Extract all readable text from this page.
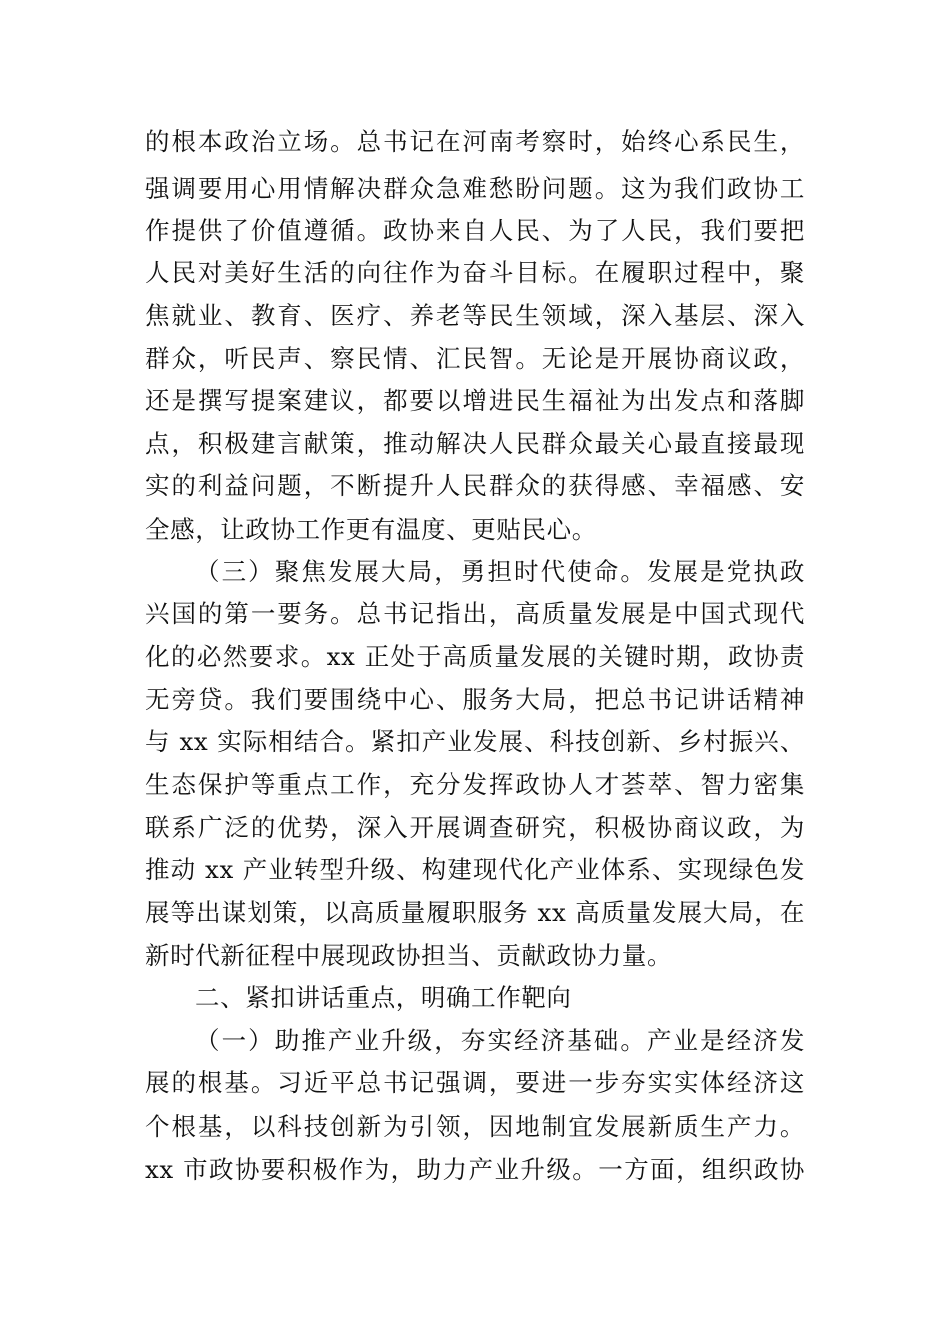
的根本政治立场。总书记在河南考察时，始终心系民生，
强调要用心用情解决群众急难愁盼问题。这为我们政协工
作提供了价值遵循。政协来自人民、为了人民，我们要把
人民对美好生活的向往作为奋斗目标。在履职过程中，聚
焦就业、教育、医疗、养老等民生领域，深入基层、深入
群众，听民声、察民情、汇民智。无论是开展协商议政，
还是撰写提案建议，都要以增进民生福祉为出发点和落脚
点，积极建言献策，推动解决人民群众最关心最直接最现
实的利益问题，不断提升人民群众的获得感、幸福感、安
全感，让政协工作更有温度、更贴民心。
（三）聚焦发展大局，勇担时代使命。发展是党执政
兴国的第一要务。总书记指出，高质量发展是中国式现代
化的必然要求。xx 正处于高质量发展的关键时期，政协责
无旁贷。我们要围绕中心、服务大局，把总书记讲话精神
与 xx 实际相结合。紧扣产业发展、科技创新、乡村振兴、
生态保护等重点工作，充分发挥政协人才荟萃、智力密集
联系广泛的优势，深入开展调查研究，积极协商议政，为
推动 xx 产业转型升级、构建现代化产业体系、实现绿色发
展等出谋划策，以高质量履职服务 xx 高质量发展大局，在
新时代新征程中展现政协担当、贡献政协力量。
二、紧扣讲话重点，明确工作靶向
（一）助推产业升级，夯实经济基础。产业是经济发
展的根基。习近平总书记强调，要进一步夯实实体经济这
个根基，以科技创新为引领，因地制宜发展新质生产力。
xx 市政协要积极作为，助力产业升级。一方面，组织政协
